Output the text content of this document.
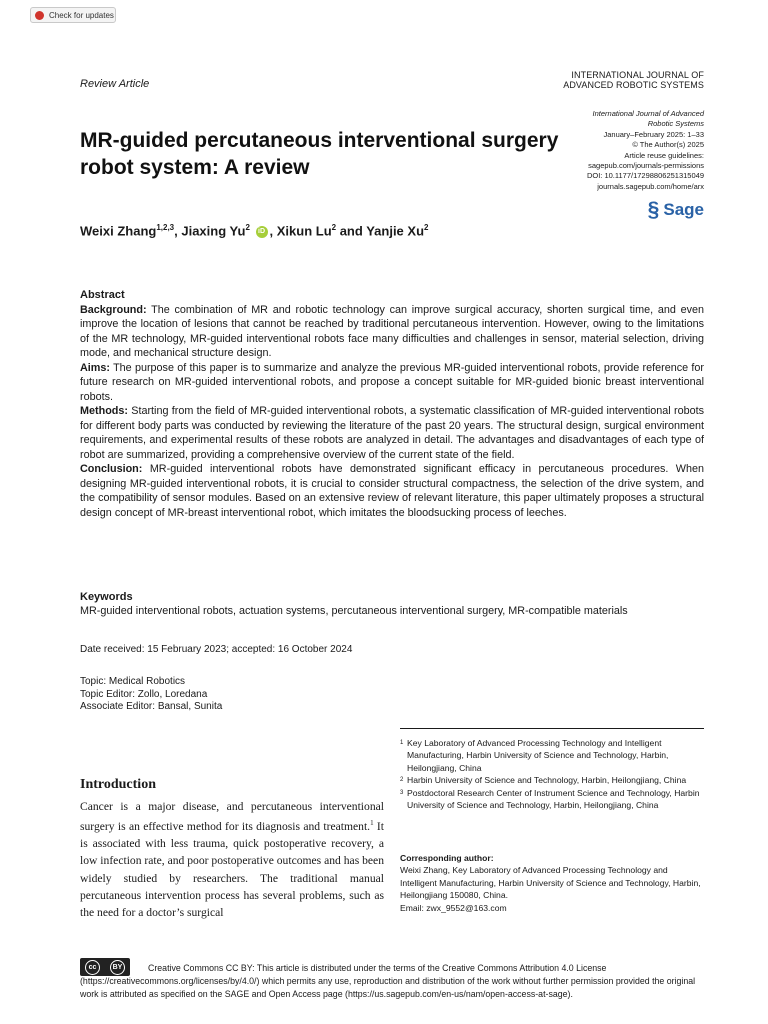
Check for updates
Review Article
INTERNATIONAL JOURNAL OF
ADVANCED ROBOTIC SYSTEMS
MR-guided percutaneous interventional surgery robot system: A review
International Journal of Advanced
Robotic Systems
January–February 2025: 1–33
© The Author(s) 2025
Article reuse guidelines:
sagepub.com/journals-permissions
DOI: 10.1177/17298806251315049
journals.sagepub.com/home/arx
§ Sage
Weixi Zhang$^{1,2,3}$, Jiaxing Yu$^2$ iD , Xikun Lu$^2$ and Yanjie Xu$^2$
Abstract

Background: The combination of MR and robotic technology can improve surgical accuracy, shorten surgical time, and even improve the location of lesions that cannot be reached by traditional percutaneous intervention. However, owing to the limitations of the MR technology, MR-guided interventional robots face many difficulties and challenges in sensor, material selection, driving mode, and mechanical structure design.

Aims: The purpose of this paper is to summarize and analyze the previous MR-guided interventional robots, provide reference for future research on MR-guided interventional robots, and propose a concept suitable for MR-guided bionic breast interventional robots.

Methods: Starting from the field of MR-guided interventional robots, a systematic classification of MR-guided interventional robots for different body parts was conducted by reviewing the literature of the past 20 years. The structural design, surgical environment requirements, and experimental results of these robots are analyzed in detail. The advantages and disadvantages of each type of robot are summarized, providing a comprehensive overview of the current state of the field.

Conclusion: MR-guided interventional robots have demonstrated significant efficacy in percutaneous procedures. When designing MR-guided interventional robots, it is crucial to consider structural compactness, the selection of the drive system, and the compatibility of sensor modules. Based on an extensive review of relevant literature, this paper ultimately proposes a structural design concept of MR-breast interventional robot, which imitates the bloodsucking process of leeches.

Keywords
MR-guided interventional robots, actuation systems, percutaneous interventional surgery, MR-compatible materials
Date received: 15 February 2023; accepted: 16 October 2024
Topic: Medical Robotics
Topic Editor: Zollo, Loredana
Associate Editor: Bansal, Sunita
1 Key Laboratory of Advanced Processing Technology and Intelligent Manufacturing, Harbin University of Science and Technology, Harbin, Heilongjiang, China
2 Harbin University of Science and Technology, Harbin, Heilongjiang, China
3 Postdoctoral Research Center of Instrument Science and Technology, Harbin University of Science and Technology, Harbin, Heilongjiang, China
Corresponding author:
Weixi Zhang, Key Laboratory of Advanced Processing Technology and Intelligent Manufacturing, Harbin University of Science and Technology, Harbin, Heilongjiang 150080, China.
Email: zwx_9552@163.com
Introduction
Cancer is a major disease, and percutaneous interventional surgery is an effective method for its diagnosis and treatment.$^1$ It is associated with less trauma, quick postoperative recovery, a low infection rate, and poor postoperative outcomes and has been widely studied by researchers. The traditional manual percutaneous intervention process has several problems, such as the need for a doctor’s surgical
cc	BY	Creative Commons CC BY: This article is distributed under the terms of the Creative Commons Attribution 4.0 License (https://creativecommons.org/licenses/by/4.0/) which permits any use, reproduction and distribution of the work without further permission provided the original work is attributed as specified on the SAGE and Open Access page (https://us.sagepub.com/en-us/nam/open-access-at-sage).
